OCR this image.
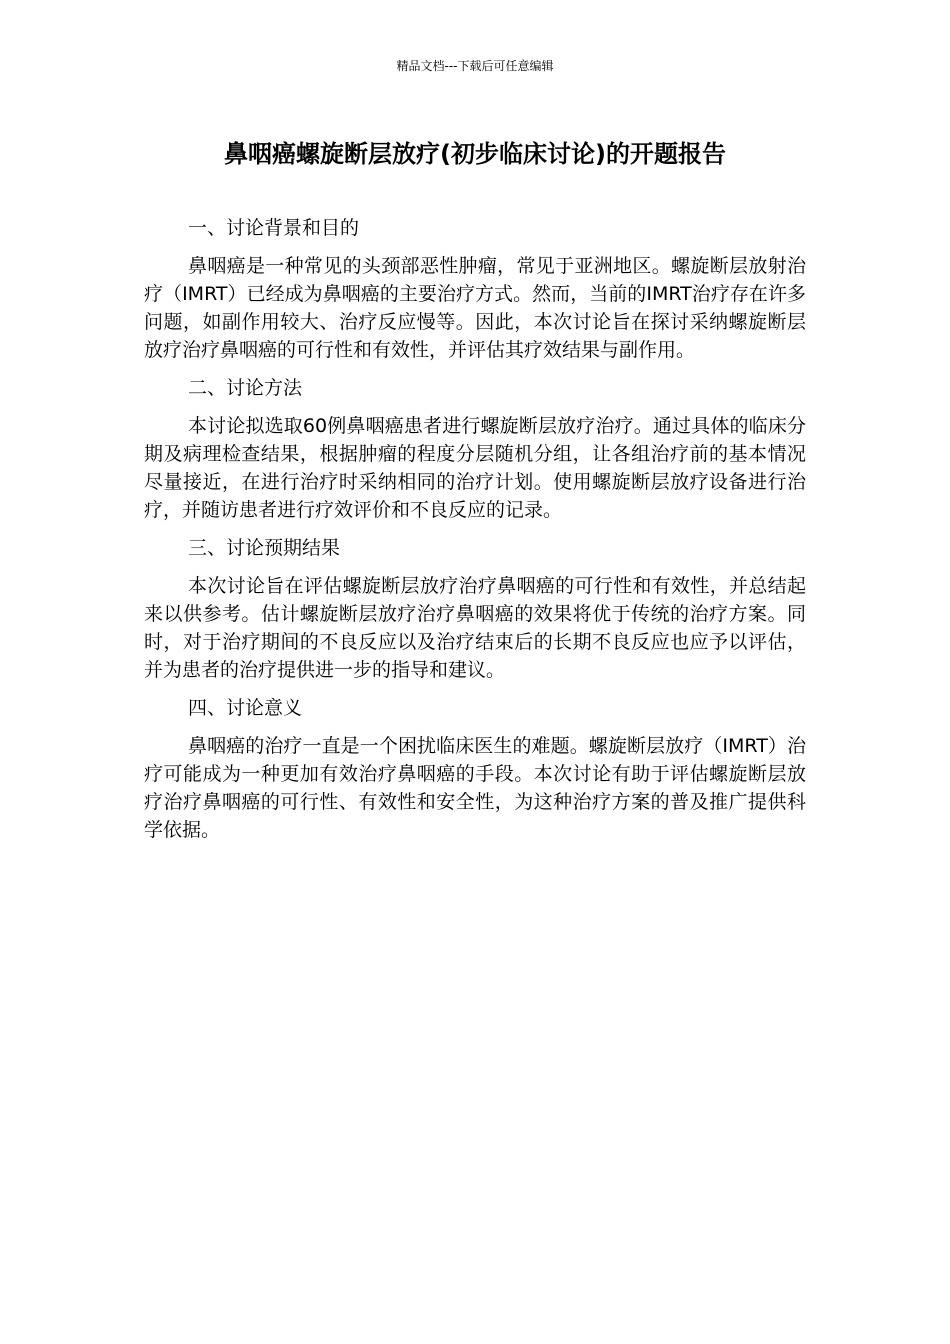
精品文档---下载后可任意编辑
鼻咽癌螺旋断层放疗(初步临床讨论)的开题报告

一、讨论背景和目的

鼻咽癌是一种常见的头颈部恶性肿瘤，常见于亚洲地区。螺旋断层放射治疗（IMRT）已经成为鼻咽癌的主要治疗方式。然而，当前的IMRT治疗存在许多问题，如副作用较大、治疗反应慢等。因此，本次讨论旨在探讨采纳螺旋断层放疗治疗鼻咽癌的可行性和有效性，并评估其疗效结果与副作用。

二、讨论方法

本讨论拟选取60例鼻咽癌患者进行螺旋断层放疗治疗。通过具体的临床分期及病理检查结果，根据肿瘤的程度分层随机分组，让各组治疗前的基本情况尽量接近，在进行治疗时采纳相同的治疗计划。使用螺旋断层放疗设备进行治疗，并随访患者进行疗效评价和不良反应的记录。

三、讨论预期结果

本次讨论旨在评估螺旋断层放疗治疗鼻咽癌的可行性和有效性，并总结起来以供参考。估计螺旋断层放疗治疗鼻咽癌的效果将优于传统的治疗方案。同时，对于治疗期间的不良反应以及治疗结束后的长期不良反应也应予以评估，并为患者的治疗提供进一步的指导和建议。

四、讨论意义

鼻咽癌的治疗一直是一个困扰临床医生的难题。螺旋断层放疗（IMRT）治疗可能成为一种更加有效治疗鼻咽癌的手段。本次讨论有助于评估螺旋断层放疗治疗鼻咽癌的可行性、有效性和安全性，为这种治疗方案的普及推广提供科学依据。
